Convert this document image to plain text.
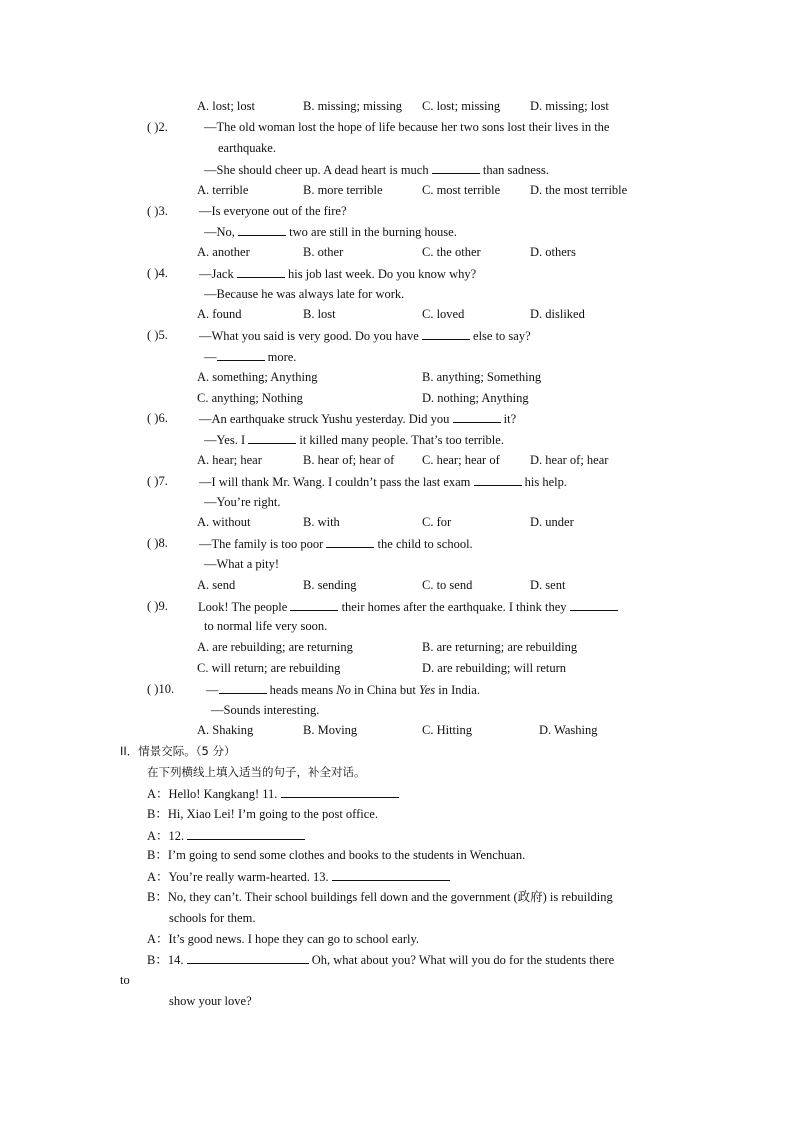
A. lost; lost	B. missing; missing C. lost; missing D. missing; lost
( )2.	—The old woman lost the hope of life because her two sons lost their lives in the
earthquake.
—She should cheer up. A dead heart is much	than sadness.
A. terrible	B. more terrible	C. most terrible D. the most terrible
( )3. —Is everyone out of the fire?
—No,	two are still in the burning house.
A. another	B. other	C. the other	D. others
( )4. —Jack	his job last week. Do you know why?
—Because he was always late for work.
A. found	B. lost	C. loved	D. disliked
( )5. —What you said is very good. Do you have	else to say?
—	more.
A. something; Anything	B. anything; Something
C. anything; Nothing	D. nothing; Anything
( )6. —An earthquake struck Yushu yesterday. Did you	it?
—Yes. I	it killed many people. That’s too terrible.
A. hear; hear	B. hear of; hear of C. hear; hear of D. hear of; hear
( )7. —I will thank Mr. Wang. I couldn’t pass the last exam	his help.
—You’re right.
A. without	B. with	C. for	D. under
( )8. —The family is too poor	the child to school.
—What a pity!
A. send	B. sending	C. to send	D. sent
( )9. Look! The people	their homes after the earthquake. I think they
to normal life very soon.
A. are rebuilding; are returning	B. are returning; are rebuilding
C. will return; are rebuilding	D. are rebuilding; will return
( )10.	—	heads means No in China but Yes in India.
—Sounds interesting.
A. Shaking	B. Moving	C. Hitting	D. Washing
II．情景交际。（5 分）
在下列横线上填入适当的句子，补全对话。
A：Hello! Kangkang! 11.
B：Hi, Xiao Lei! I’m going to the post office.
A：12.
B：I’m going to send some clothes and books to the students in Wenchuan.
A：You’re really warm-hearted. 13.
B：No, they can’t. Their school buildings fell down and the government (政府) is rebuilding
schools for them.
A：It’s good news. I hope they can go to school early.
B：14.	Oh, what about you? What will you do for the students there
to
show your love?
